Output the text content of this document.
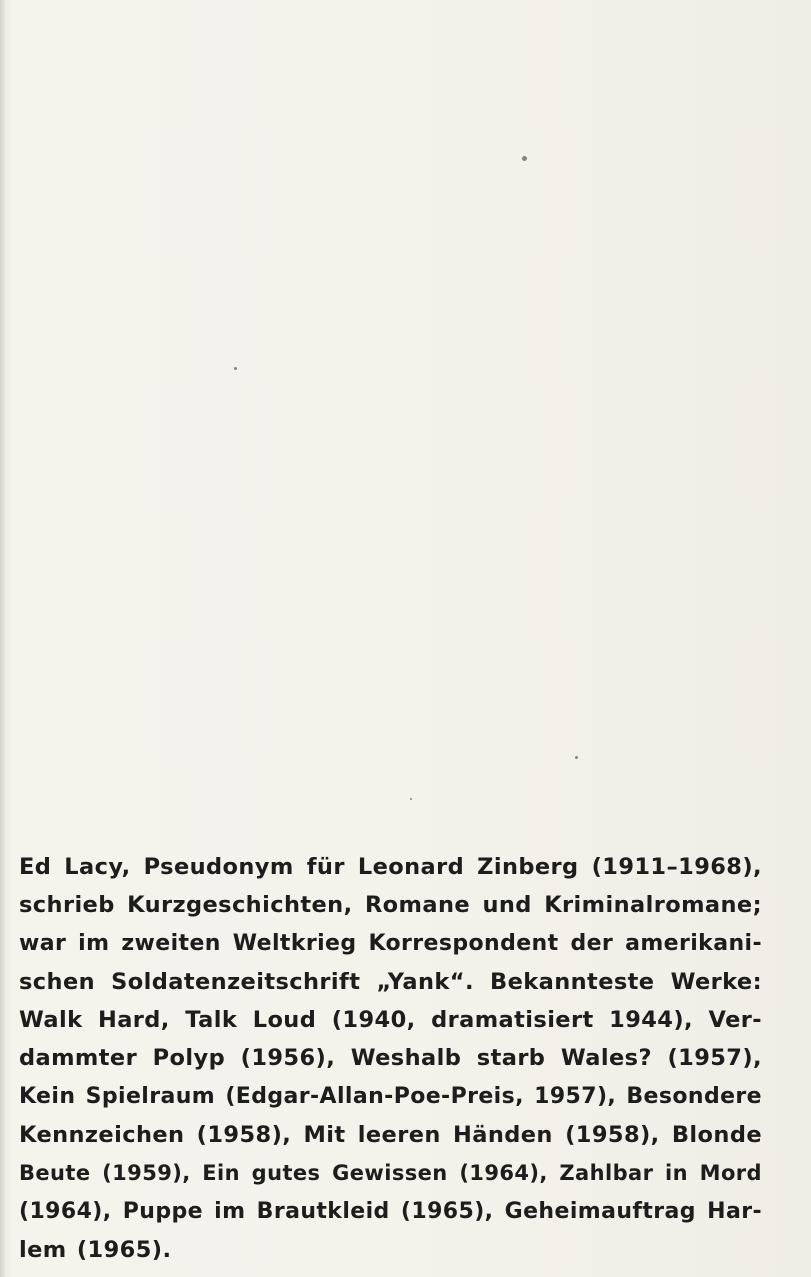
Ed Lacy, Pseudonym für Leonard Zinberg (1911–1968),
schrieb Kurzgeschichten, Romane und Kriminalromane;
war im zweiten Weltkrieg Korrespondent der amerikani-
schen Soldatenzeitschrift „Yank“. Bekannteste Werke:
Walk Hard, Talk Loud (1940, dramatisiert 1944), Ver-
dammter Polyp (1956), Weshalb starb Wales? (1957),
Kein Spielraum (Edgar-Allan-Poe-Preis, 1957), Besondere
Kennzeichen (1958), Mit leeren Händen (1958), Blonde
Beute (1959), Ein gutes Gewissen (1964), Zahlbar in Mord
(1964), Puppe im Brautkleid (1965), Geheimauftrag Har-
lem (1965).
